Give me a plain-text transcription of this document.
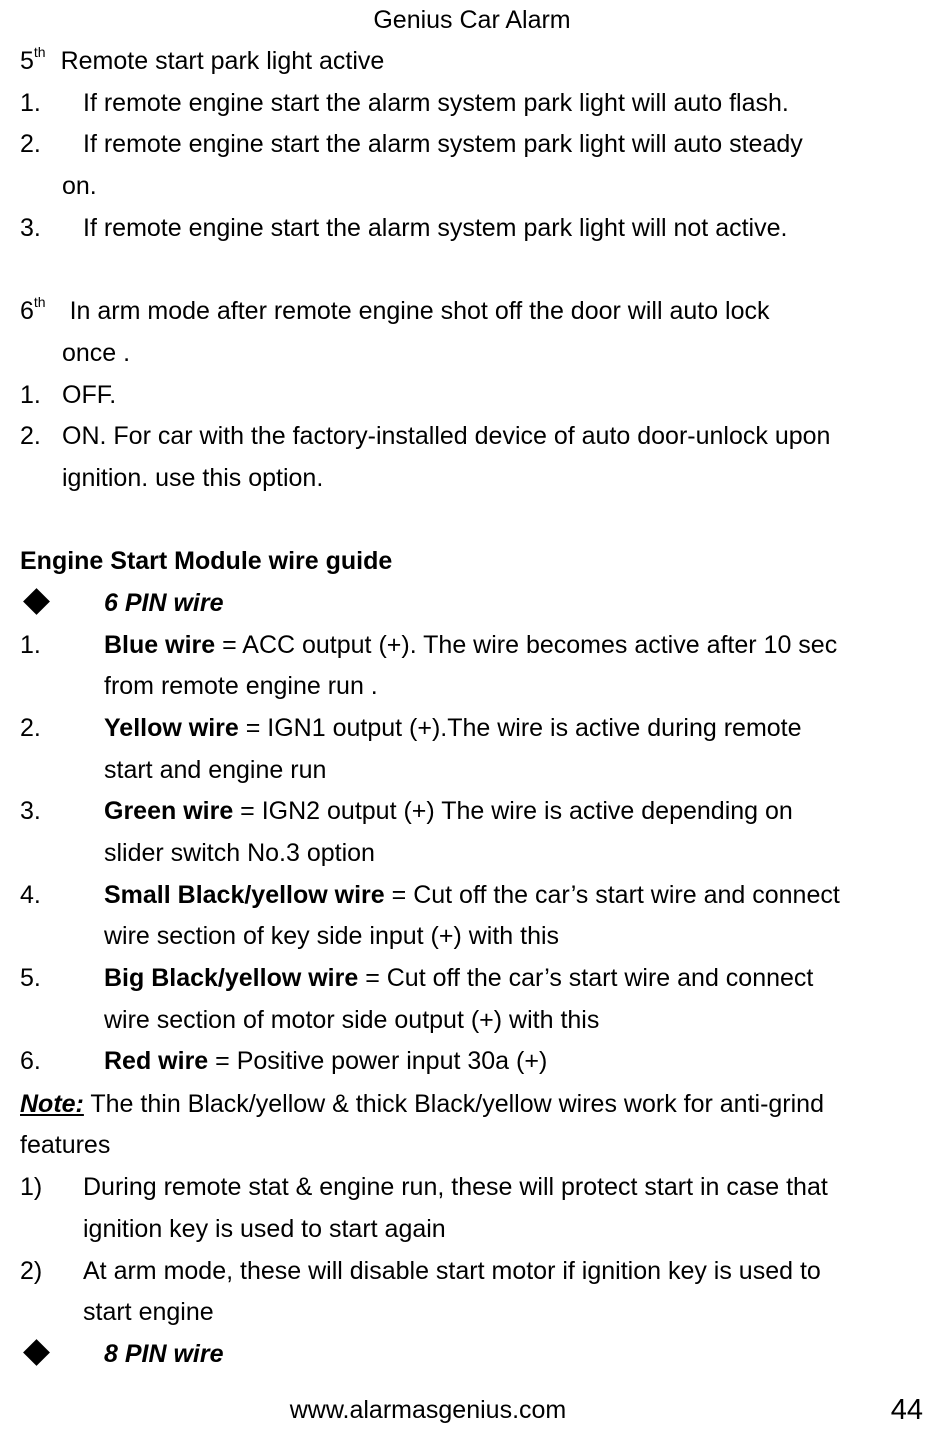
Genius Car Alarm
5th Remote start park light active
1. If remote engine start the alarm system park light will auto flash.
2. If remote engine start the alarm system park light will auto steady
on.
3. If remote engine start the alarm system park light will not active.
6th In arm mode after remote engine shot off the door will auto lock
once .
1. OFF.
2. ON. For car with the factory-installed device of auto door-unlock upon
ignition. use this option.
Engine Start Module wire guide
6 PIN wire
1.	Blue wire = ACC output (+). The wire becomes active after 10 sec
from remote engine run .
2.	Yellow wire = IGN1 output (+).The wire is active during remote
start and engine run
3.	Green wire = IGN2 output (+) The wire is active depending on
slider switch No.3 option
4.	Small Black/yellow wire = Cut off the car’s start wire and connect
wire section of key side input (+) with this
5.	Big Black/yellow wire = Cut off the car’s start wire and connect
wire section of motor side output (+) with this
6.	Red wire = Positive power input 30a (+)
Note: The thin Black/yellow & thick Black/yellow wires work for anti-grind
features
1) During remote stat & engine run, these will protect start in case that
ignition key is used to start again
2) At arm mode, these will disable start motor if ignition key is used to
start engine
8 PIN wire
www.alarmasgenius.com	44
